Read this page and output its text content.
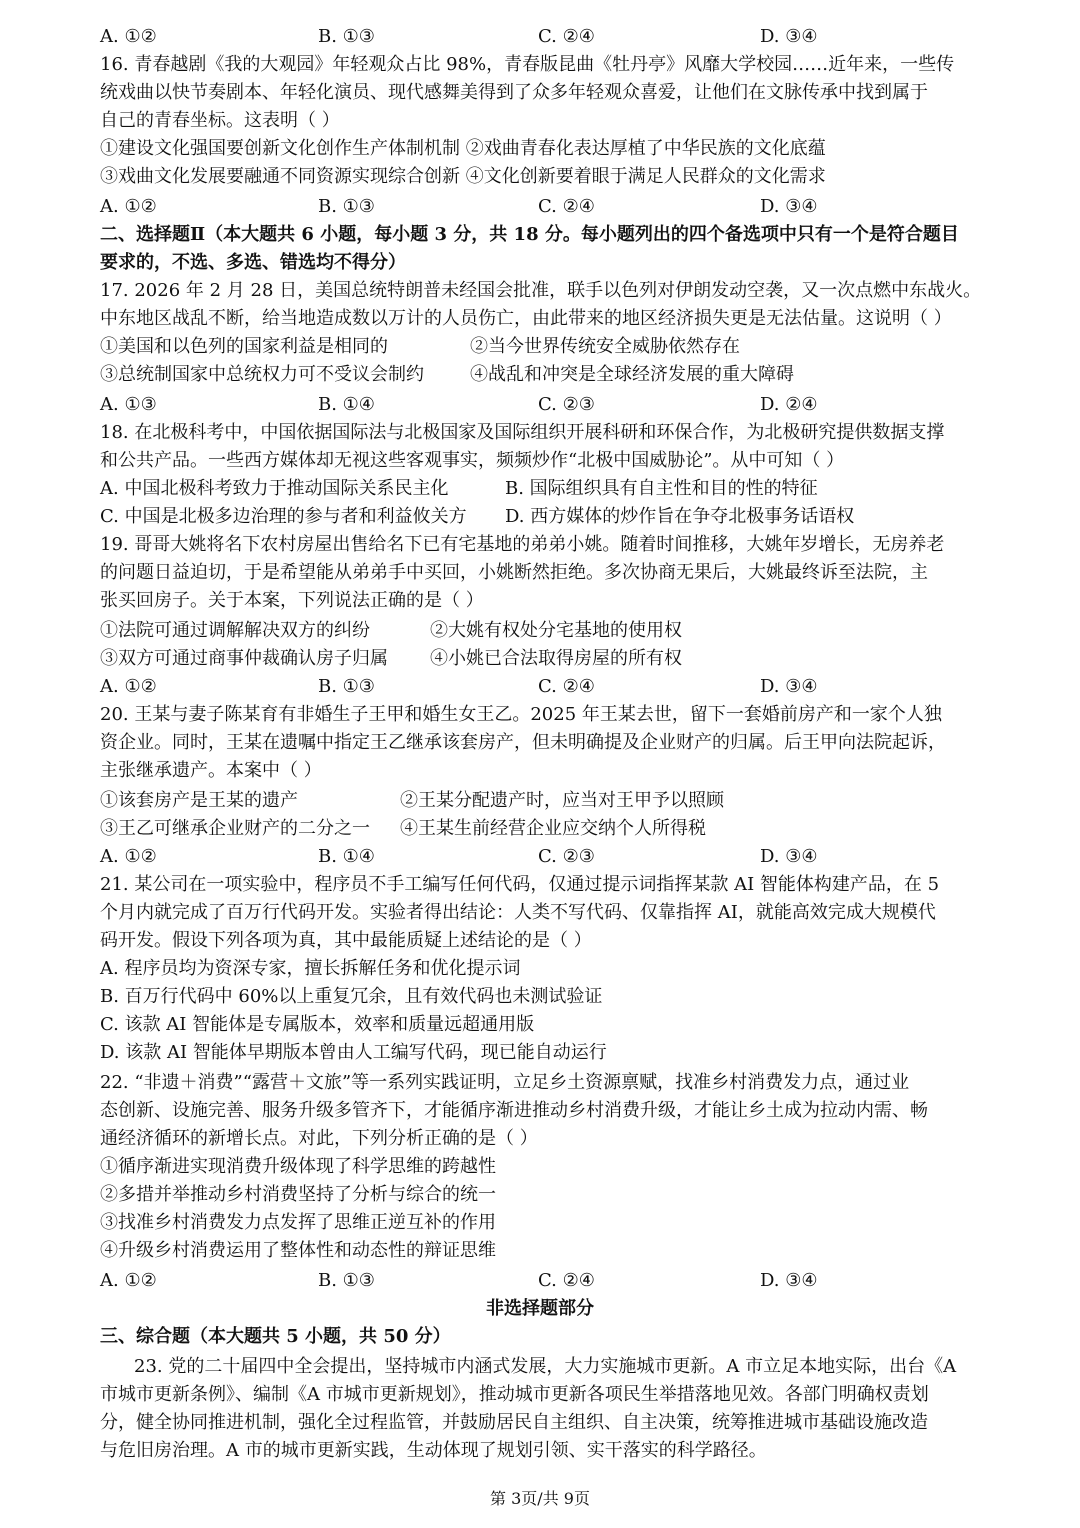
A. ①②	B. ①③	C. ②④	D. ③④
16. 青春越剧《我的大观园》年轻观众占比 98%，青春版昆曲《牡丹亭》风靡大学校园……近年来，一些传
统戏曲以快节奏剧本、年轻化演员、现代感舞美得到了众多年轻观众喜爱，让他们在文脉传承中找到属于
自己的青春坐标。这表明（ ）
①建设文化强国要创新文化创作生产体制机制 ②戏曲青春化表达厚植了中华民族的文化底蕴
③戏曲文化发展要融通不同资源实现综合创新 ④文化创新要着眼于满足人民群众的文化需求
A. ①②	B. ①③	C. ②④	D. ③④
二、选择题Ⅱ（本大题共 6 小题，每小题 3 分，共 18 分。每小题列出的四个备选项中只有一个是符合题目
要求的，不选、多选、错选均不得分）
17. 2026 年 2 月 28 日，美国总统特朗普未经国会批准，联手以色列对伊朗发动空袭，又一次点燃中东战火。
中东地区战乱不断，给当地造成数以万计的人员伤亡，由此带来的地区经济损失更是无法估量。这说明（ ）
①美国和以色列的国家利益是相同的	②当今世界传统安全威胁依然存在
③总统制国家中总统权力可不受议会制约	④战乱和冲突是全球经济发展的重大障碍
A. ①③	B. ①④	C. ②③	D. ②④
18. 在北极科考中，中国依据国际法与北极国家及国际组织开展科研和环保合作，为北极研究提供数据支撑
和公共产品。一些西方媒体却无视这些客观事实，频频炒作“北极中国威胁论”。从中可知（ ）
A. 中国北极科考致力于推动国际关系民主化	B. 国际组织具有自主性和目的性的特征
C. 中国是北极多边治理的参与者和利益攸关方 D. 西方媒体的炒作旨在争夺北极事务话语权
19. 哥哥大姚将名下农村房屋出售给名下已有宅基地的弟弟小姚。随着时间推移，大姚年岁增长，无房养老
的问题日益迫切，于是希望能从弟弟手中买回，小姚断然拒绝。多次协商无果后，大姚最终诉至法院，主
张买回房子。关于本案，下列说法正确的是（ ）
①法院可通过调解解决双方的纠纷	②大姚有权处分宅基地的使用权
③双方可通过商事仲裁确认房子归属 ④小姚已合法取得房屋的所有权
A. ①②	B. ①③	C. ②④	D. ③④
20. 王某与妻子陈某育有非婚生子王甲和婚生女王乙。2025 年王某去世，留下一套婚前房产和一家个人独
资企业。同时，王某在遗嘱中指定王乙继承该套房产，但未明确提及企业财产的归属。后王甲向法院起诉，
主张继承遗产。本案中（ ）
①该套房产是王某的遗产	②王某分配遗产时，应当对王甲予以照顾
③王乙可继承企业财产的二分之一 ④王某生前经营企业应交纳个人所得税
A. ①②	B. ①④	C. ②③	D. ③④
21. 某公司在一项实验中，程序员不手工编写任何代码，仅通过提示词指挥某款 AI 智能体构建产品，在 5
个月内就完成了百万行代码开发。实验者得出结论：人类不写代码、仅靠指挥 AI，就能高效完成大规模代
码开发。假设下列各项为真，其中最能质疑上述结论的是（ ）
A. 程序员均为资深专家，擅长拆解任务和优化提示词
B. 百万行代码中 60%以上重复冗余，且有效代码也未测试验证
C. 该款 AI 智能体是专属版本，效率和质量远超通用版
D. 该款 AI 智能体早期版本曾由人工编写代码，现已能自动运行
22. “非遗＋消费”“露营＋文旅”等一系列实践证明，立足乡土资源禀赋，找准乡村消费发力点，通过业
态创新、设施完善、服务升级多管齐下，才能循序渐进推动乡村消费升级，才能让乡土成为拉动内需、畅
通经济循环的新增长点。对此，下列分析正确的是（ ）
①循序渐进实现消费升级体现了科学思维的跨越性
②多措并举推动乡村消费坚持了分析与综合的统一
③找准乡村消费发力点发挥了思维正逆互补的作用
④升级乡村消费运用了整体性和动态性的辩证思维
A. ①②	B. ①③	C. ②④	D. ③④
非选择题部分
三、综合题（本大题共 5 小题，共 50 分）
23. 党的二十届四中全会提出，坚持城市内涵式发展，大力实施城市更新。A 市立足本地实际，出台《A
市城市更新条例》、编制《A 市城市更新规划》，推动城市更新各项民生举措落地见效。各部门明确权责划
分，健全协同推进机制，强化全过程监管，并鼓励居民自主组织、自主决策，统筹推进城市基础设施改造
与危旧房治理。A 市的城市更新实践，生动体现了规划引领、实干落实的科学路径。
第 3页/共 9页
